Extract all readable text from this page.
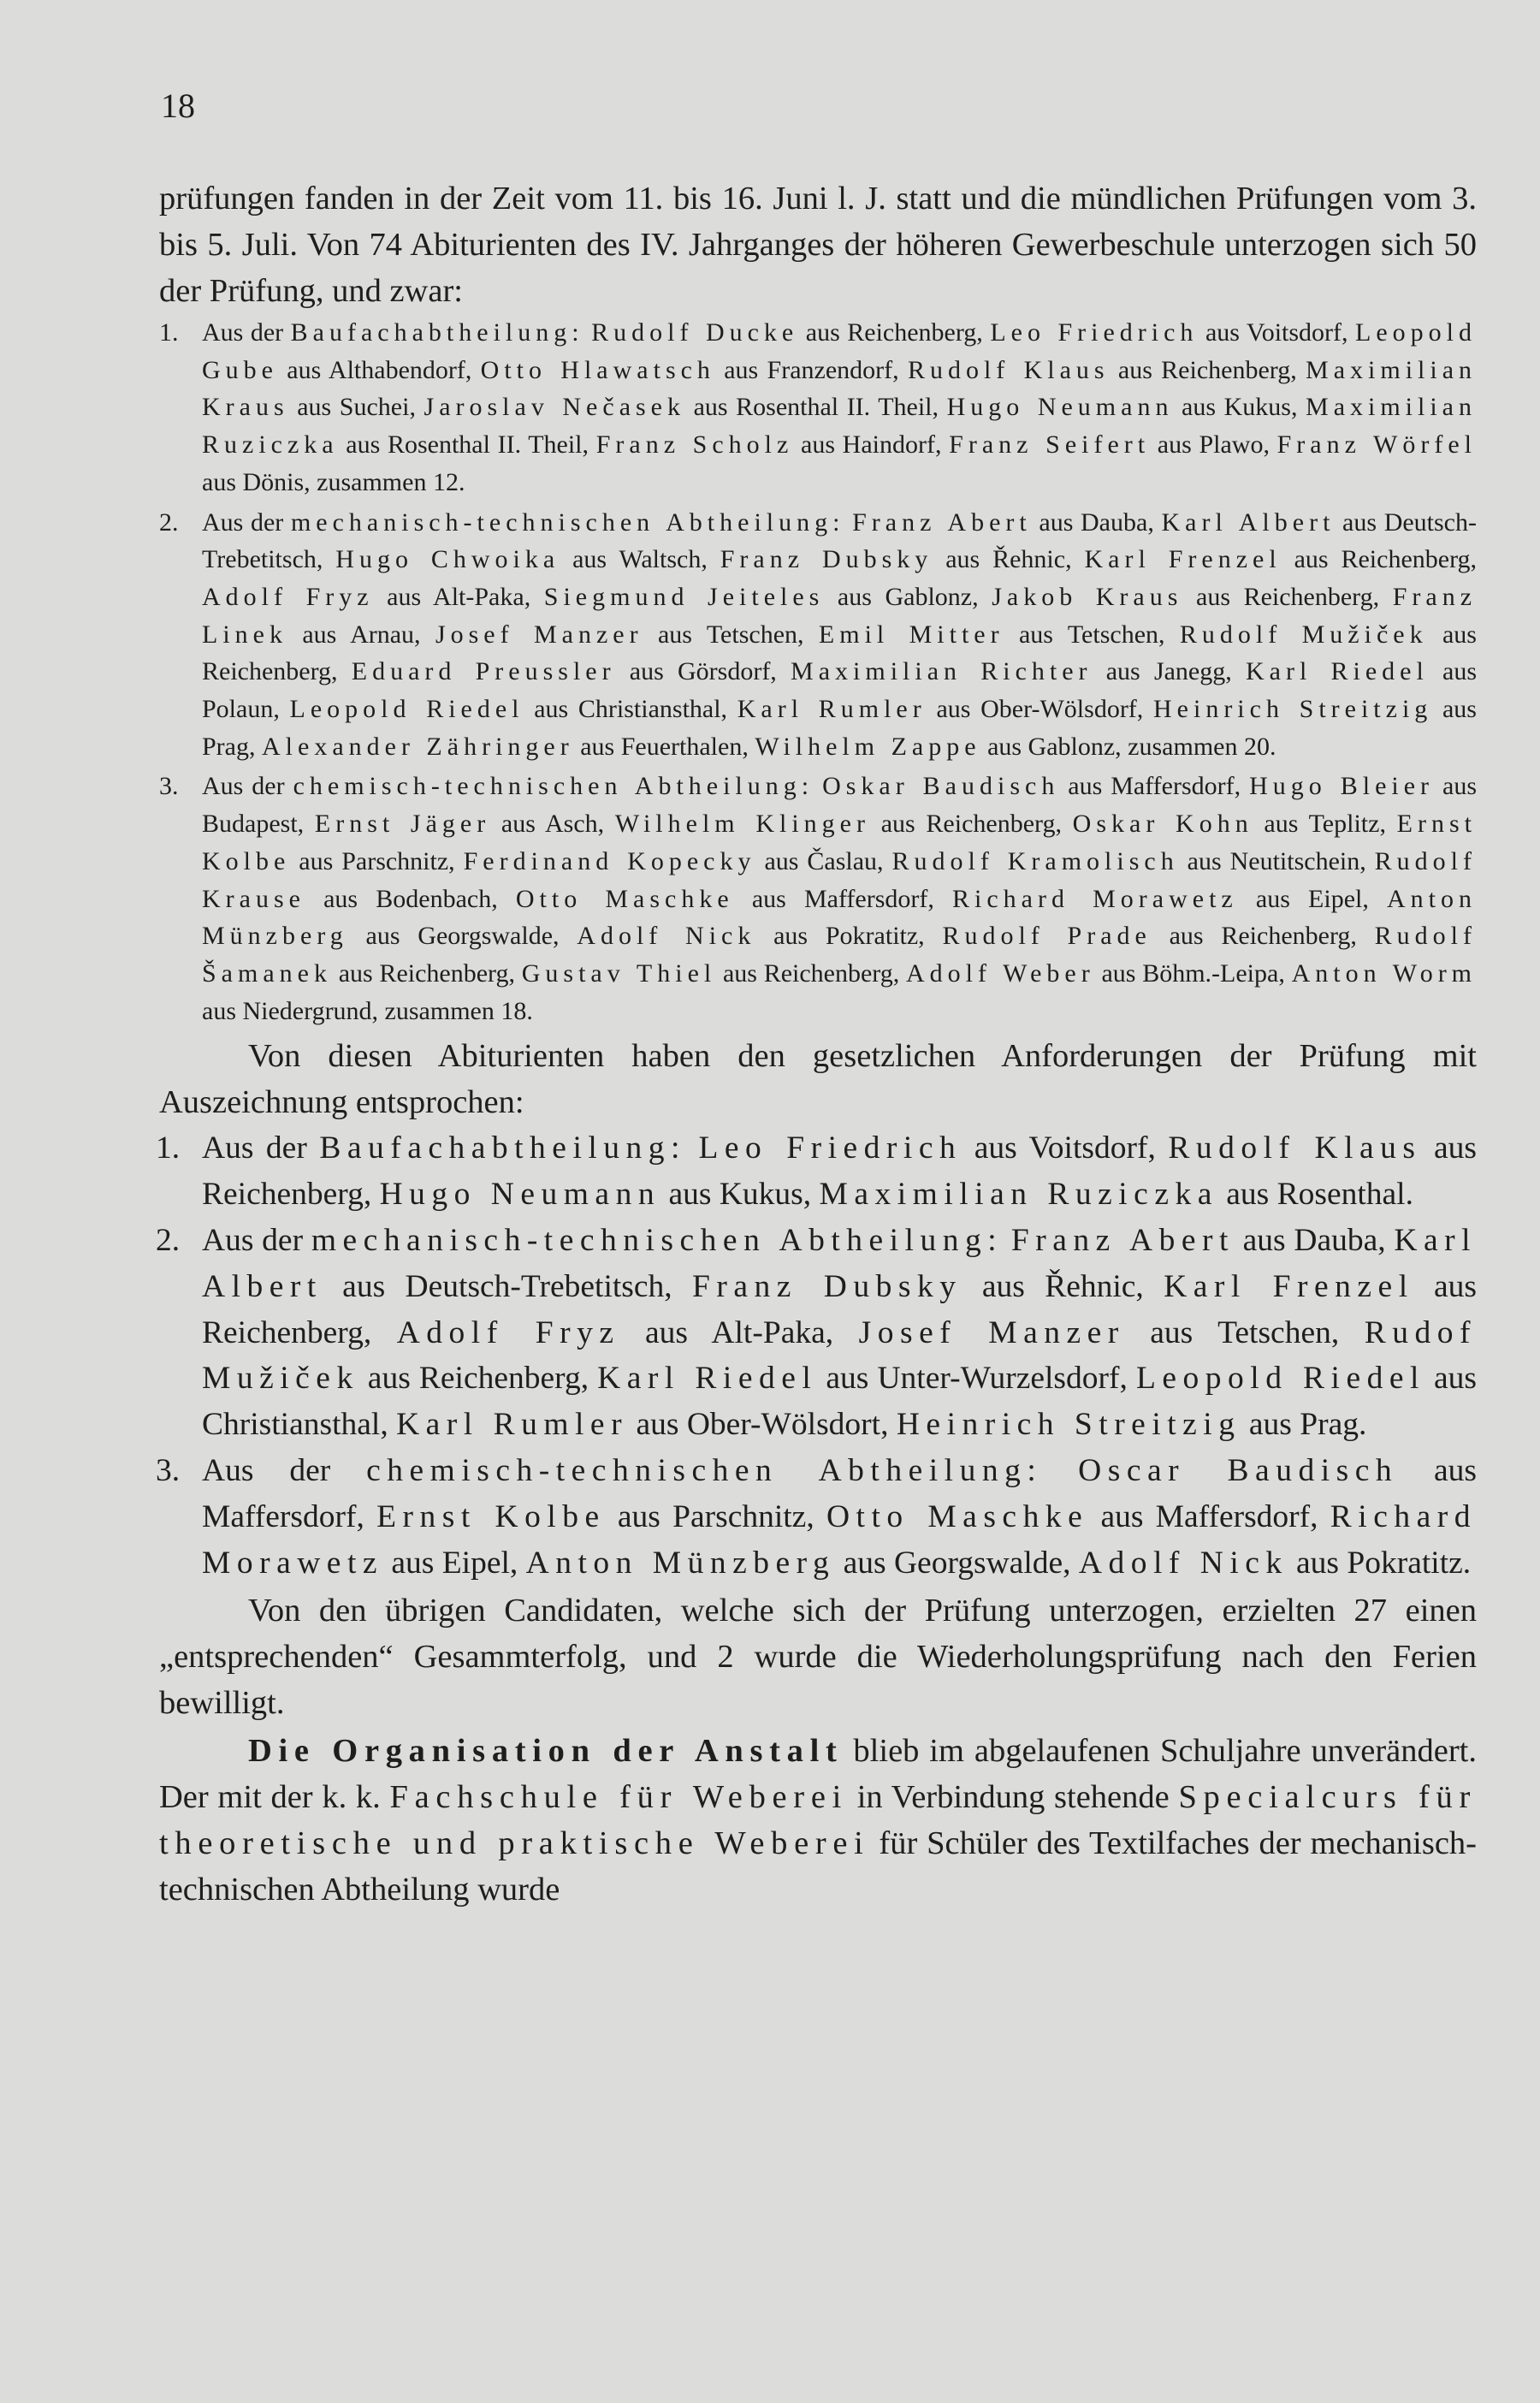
18

prüfungen fanden in der Zeit vom 11. bis 16. Juni l. J. statt und die mündlichen Prüfungen vom 3. bis 5. Juli. Von 74 Abiturienten des IV. Jahrganges der höheren Gewerbeschule unterzogen sich 50 der Prüfung, und zwar:

1. Aus der Baufachabtheilung: Rudolf Ducke aus Reichenberg, Leo Friedrich aus Voitsdorf, Leopold Gube aus Althabendorf, Otto Hlawatsch aus Franzendorf, Rudolf Klaus aus Reichenberg, Maximilian Kraus aus Suchei, Jaroslav Nečasek aus Rosenthal II. Theil, Hugo Neumann aus Kukus, Maximilian Ruziczka aus Rosenthal II. Theil, Franz Scholz aus Haindorf, Franz Seifert aus Plawo, Franz Wörfel aus Dönis, zusammen 12.

2. Aus der mechanisch-technischen Abtheilung: Franz Abert aus Dauba, Karl Albert aus Deutsch-Trebetitsch, Hugo Chwoika aus Waltsch, Franz Dubsky aus Řehnic, Karl Frenzel aus Reichenberg, Adolf Fryz aus Alt-Paka, Siegmund Jeiteles aus Gablonz, Jakob Kraus aus Reichenberg, Franz Linek aus Arnau, Josef Manzer aus Tetschen, Emil Mitter aus Tetschen, Rudolf Mužiček aus Reichenberg, Eduard Preussler aus Görsdorf, Maximilian Richter aus Janegg, Karl Riedel aus Polaun, Leopold Riedel aus Christiansthal, Karl Rumler aus Ober-Wölsdorf, Heinrich Streitzig aus Prag, Alexander Zähringer aus Feuerthalen, Wilhelm Zappe aus Gablonz, zusammen 20.

3. Aus der chemisch-technischen Abtheilung: Oskar Baudisch aus Maffersdorf, Hugo Bleier aus Budapest, Ernst Jäger aus Asch, Wilhelm Klinger aus Reichenberg, Oskar Kohn aus Teplitz, Ernst Kolbe aus Parschnitz, Ferdinand Kopecky aus Časlau, Rudolf Kramolisch aus Neutitschein, Rudolf Krause aus Bodenbach, Otto Maschke aus Maffersdorf, Richard Morawetz aus Eipel, Anton Münzberg aus Georgswalde, Adolf Nick aus Pokratitz, Rudolf Prade aus Reichenberg, Rudolf Šamanek aus Reichenberg, Gustav Thiel aus Reichenberg, Adolf Weber aus Böhm.-Leipa, Anton Worm aus Niedergrund, zusammen 18.

Von diesen Abiturienten haben den gesetzlichen Anforderungen der Prüfung mit Auszeichnung entsprochen:

1. Aus der Baufachabtheilung: Leo Friedrich aus Voitsdorf, Rudolf Klaus aus Reichenberg, Hugo Neumann aus Kukus, Maximilian Ruziczka aus Rosenthal.

2. Aus der mechanisch-technischen Abtheilung: Franz Abert aus Dauba, Karl Albert aus Deutsch-Trebetitsch, Franz Dubsky aus Řehnic, Karl Frenzel aus Reichenberg, Adolf Fryz aus Alt-Paka, Josef Manzer aus Tetschen, Rudof Mužiček aus Reichenberg, Karl Riedel aus Unter-Wurzelsdorf, Leopold Riedel aus Christiansthal, Karl Rumler aus Ober-Wölsdort, Heinrich Streitzig aus Prag.

3. Aus der chemisch-technischen Abtheilung: Oscar Baudisch aus Maffersdorf, Ernst Kolbe aus Parschnitz, Otto Maschke aus Maffersdorf, Richard Morawetz aus Eipel, Anton Münzberg aus Georgswalde, Adolf Nick aus Pokratitz.

Von den übrigen Candidaten, welche sich der Prüfung unterzogen, erzielten 27 einen „entsprechenden“ Gesammterfolg, und 2 wurde die Wiederholungsprüfung nach den Ferien bewilligt.

Die Organisation der Anstalt blieb im abgelaufenen Schuljahre unverändert. Der mit der k. k. Fachschule für Weberei in Verbindung stehende Specialcurs für theoretische und praktische Weberei für Schüler des Textilfaches der mechanisch-technischen Abtheilung wurde
